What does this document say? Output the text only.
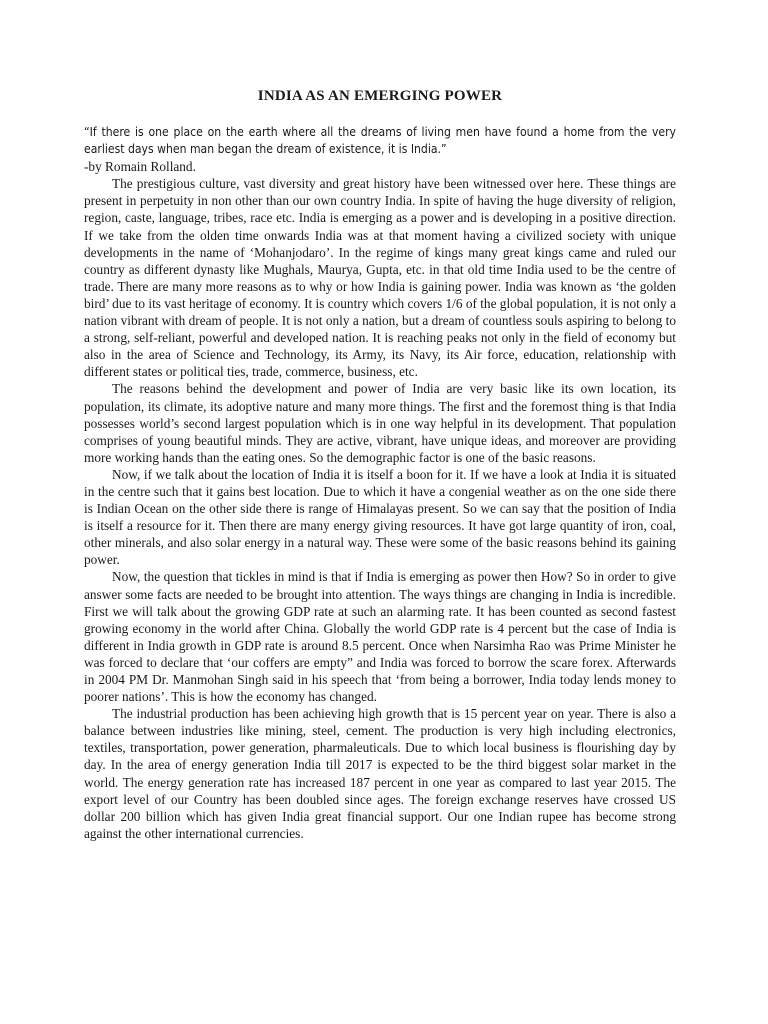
INDIA AS AN EMERGING POWER

“If there is one place on the earth where all the dreams of living men have found a home from the very earliest days when man began the dream of existence, it is India.”

-by Romain Rolland.

The prestigious culture, vast diversity and great history have been witnessed over here. These things are present in perpetuity in non other than our own country India. In spite of having the huge diversity of religion, region, caste, language, tribes, race etc. India is emerging as a power and is developing in a positive direction. If we take from the olden time onwards India was at that moment having a civilized society with unique developments in the name of ‘Mohanjodaro’. In the regime of kings many great kings came and ruled our country as different dynasty like Mughals, Maurya, Gupta, etc. in that old time India used to be the centre of trade. There are many more reasons as to why or how India is gaining power. India was known as ‘the golden bird’ due to its vast heritage of economy. It is country which covers 1/6 of the global population, it is not only a nation vibrant with dream of people. It is not only a nation, but a dream of countless souls aspiring to belong to a strong, self-reliant, powerful and developed nation. It is reaching peaks not only in the field of economy but also in the area of Science and Technology, its Army, its Navy, its Air force, education, relationship with different states or political ties, trade, commerce, business, etc.

The reasons behind the development and power of India are very basic like its own location, its population, its climate, its adoptive nature and many more things. The first and the foremost thing is that India possesses world’s second largest population which is in one way helpful in its development. That population comprises of young beautiful minds. They are active, vibrant, have unique ideas, and moreover are providing more working hands than the eating ones. So the demographic factor is one of the basic reasons.

Now, if we talk about the location of India it is itself a boon for it. If we have a look at India it is situated in the centre such that it gains best location. Due to which it have a congenial weather as on the one side there is Indian Ocean on the other side there is range of Himalayas present. So we can say that the position of India is itself a resource for it. Then there are many energy giving resources. It have got large quantity of iron, coal, other minerals, and also solar energy in a natural way. These were some of the basic reasons behind its gaining power.

Now, the question that tickles in mind is that if India is emerging as power then How? So in order to give answer some facts are needed to be brought into attention. The ways things are changing in India is incredible. First we will talk about the growing GDP rate at such an alarming rate. It has been counted as second fastest growing economy in the world after China. Globally the world GDP rate is 4 percent but the case of India is different in India growth in GDP rate is around 8.5 percent. Once when Narsimha Rao was Prime Minister he was forced to declare that ‘our coffers are empty” and India was forced to borrow the scare forex. Afterwards in 2004 PM Dr. Manmohan Singh said in his speech that ‘from being a borrower, India today lends money to poorer nations’. This is how the economy has changed.

The industrial production has been achieving high growth that is 15 percent year on year. There is also a balance between industries like mining, steel, cement. The production is very high including electronics, textiles, transportation, power generation, pharmaleuticals. Due to which local business is flourishing day by day. In the area of energy generation India till 2017 is expected to be the third biggest solar market in the world. The energy generation rate has increased 187 percent in one year as compared to last year 2015. The export level of our Country has been doubled since ages. The foreign exchange reserves have crossed US dollar 200 billion which has given India great financial support. Our one Indian rupee has become strong against the other international currencies.
